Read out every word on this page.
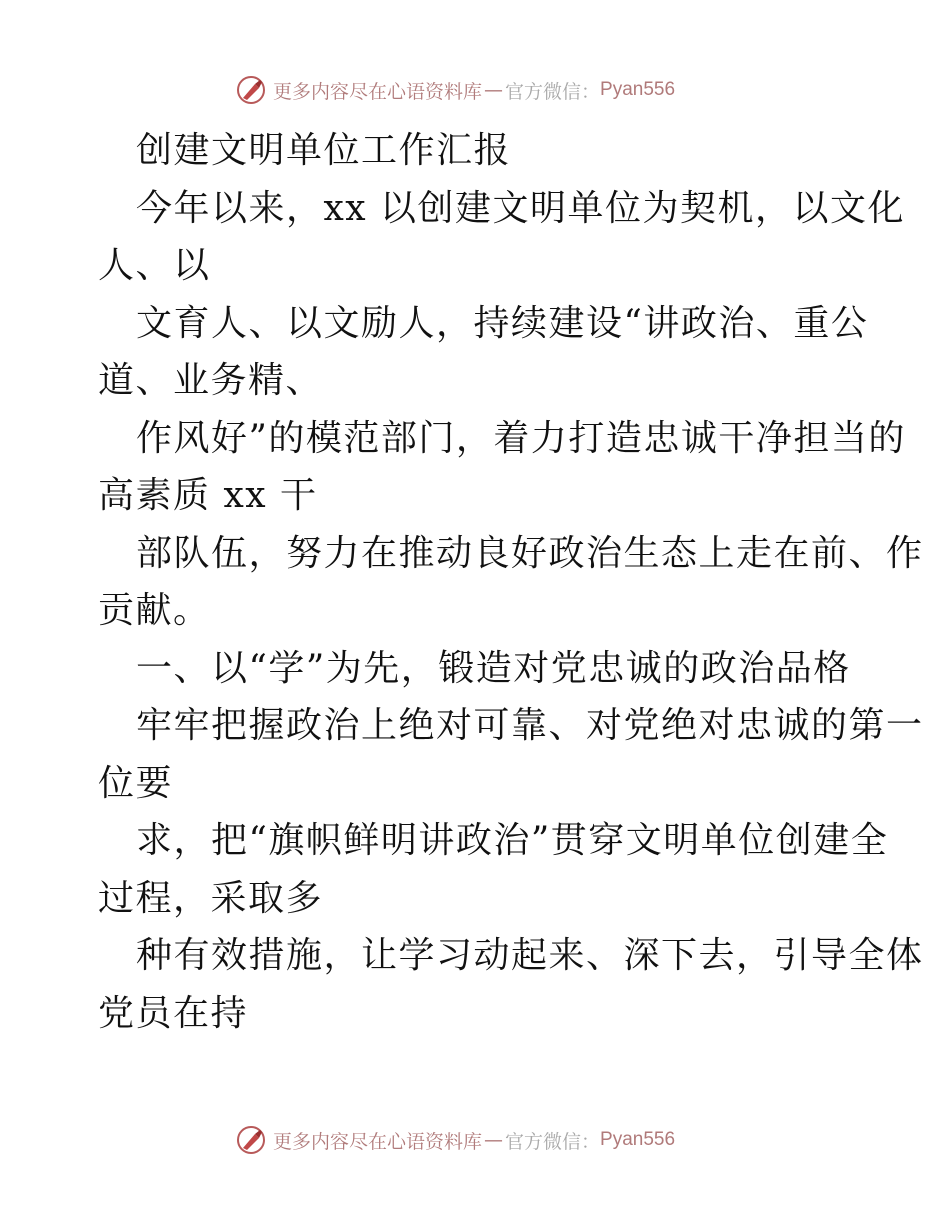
更多内容尽在心语资料库 — 官方微信： Pyan556
创建文明单位工作汇报
今年以来，xx 以创建文明单位为契机，以文化
人、以
文育人、以文励人，持续建设“讲政治、重公
道、业务精、
作风好”的模范部门，着力打造忠诚干净担当的
高素质 xx 干
部队伍，努力在推动良好政治生态上走在前、作
贡献。
一、以“学”为先，锻造对党忠诚的政治品格
牢牢把握政治上绝对可靠、对党绝对忠诚的第一
位要
求，把“旗帜鲜明讲政治”贯穿文明单位创建全
过程，采取多
种有效措施，让学习动起来、深下去，引导全体
党员在持
更多内容尽在心语资料库 — 官方微信： Pyan556
